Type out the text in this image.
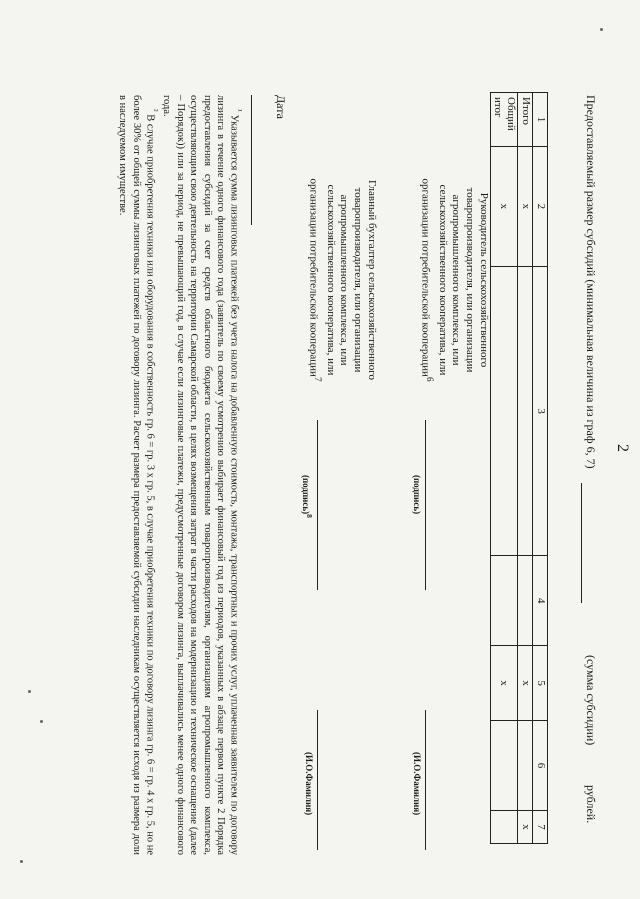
2
Предоставляемый размер субсидий (минимальная величина из граф 6, 7)
(сумма субсидии)
рублей.
1	2	3	4	5	6	7
Итого	х			х		х
Общий итог	х			х		
Руководитель сельскохозяйственного
товаропроизводителя, или организации
агропромышленного комплекса, или
сельскохозяйственного кооператива, или
организации потребительской кооперации$^6$
(подпись)
(И.О.Фамилия)
Главный бухгалтер сельскохозяйственного
товаропроизводителя, или организации
агропромышленного комплекса, или
сельскохозяйственного кооператива, или
организации потребительской кооперации$^7$
(подпись)$^8$
(И.О.Фамилия)
Дата

$^{^1}$ Указывается сумма лизинговых платежей без учета налога на добавленную стоимость, монтажа, транспортных и прочих услуг, уплаченная заявителем по договору лизинга в течение одного финансового года (заявитель по своему усмотрению выбирает финансовый год из периодов, указанных в абзаце первом пункте 2 Порядка предоставления субсидий за счет средств областного бюджета сельскохозяйственным товаропроизводителям, организациям агропромышленного комплекса, осуществляющим свою деятельность на территории Самарской области, в целях возмещения затрат в части расходов на модернизацию и техническое оснащение (далее – Порядок)) или за период, не превышающий год, в случае если лизинговые платежи, предусмотренные договором лизинга, выплачивались менее одного финансового года.

$^{^2}$ В случае приобретения техники или оборудования в собственность гр. 6 = гр. 3 х гр. 5, в случае приобретения техники по договору лизинга гр. 6 = гр. 4 х гр. 5, но не более 30% от общей суммы лизинговых платежей по договору лизинга. Расчет размера предоставляемой субсидии наследникам осуществляется исходя из размера доли в наследуемом имуществе.
